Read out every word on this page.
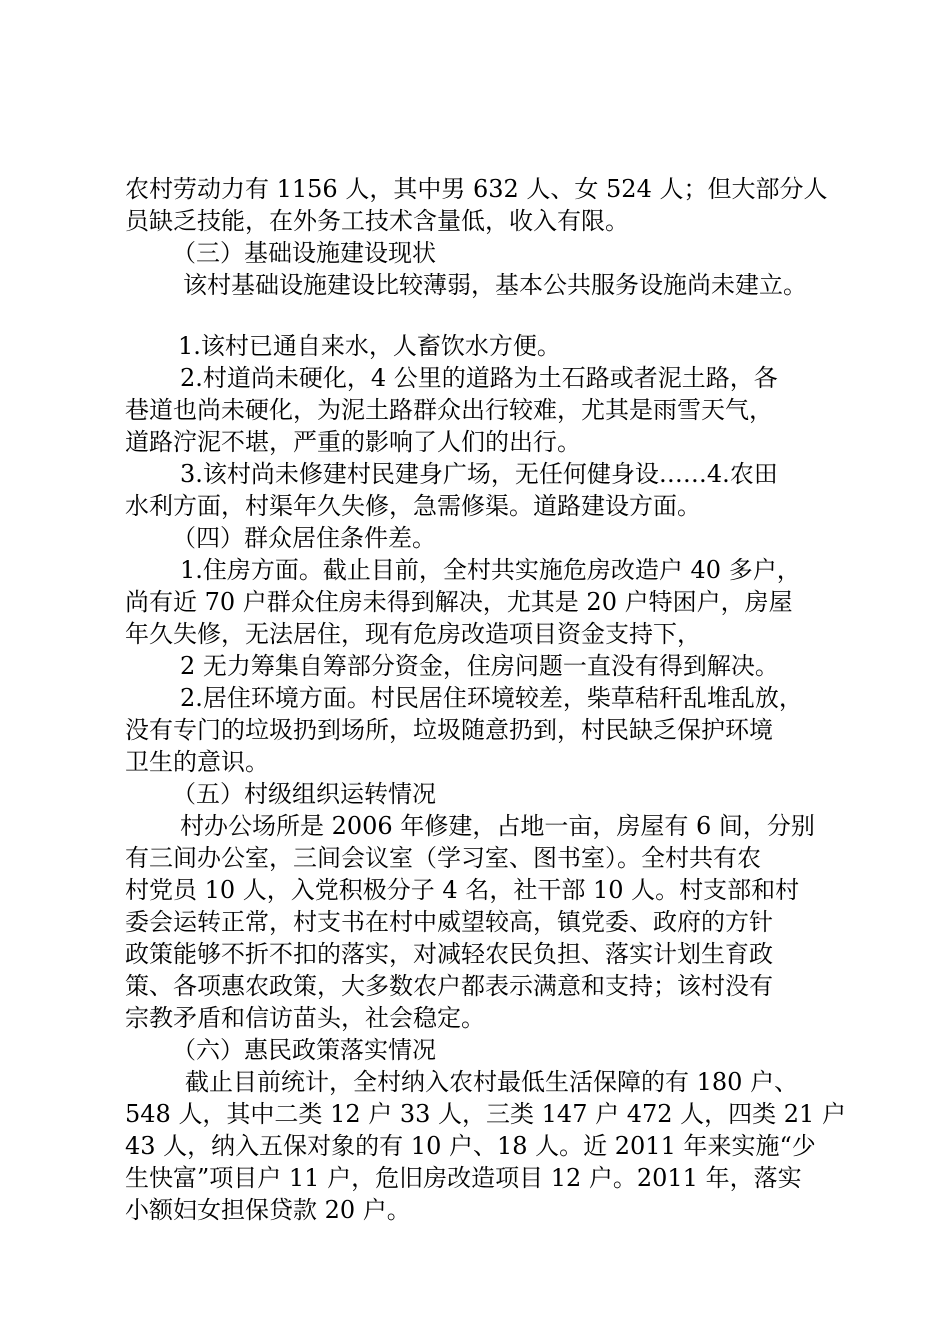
农村劳动力有 1156 人，其中男 632 人、女 524 人；但大部分人
员缺乏技能，在外务工技术含量低，收入有限。
（三）基础设施建设现状
该村基础设施建设比较薄弱，基本公共服务设施尚未建立。
1.该村已通自来水，人畜饮水方便。
2.村道尚未硬化，4 公里的道路为土石路或者泥土路，各
巷道也尚未硬化，为泥土路群众出行较难，尤其是雨雪天气，
道路泞泥不堪，严重的影响了人们的出行。
3.该村尚未修建村民建身广场，无任何健身设……4.农田
水利方面，村渠年久失修，急需修渠。道路建设方面。
（四）群众居住条件差。
1.住房方面。截止目前，全村共实施危房改造户 40 多户，
尚有近 70 户群众住房未得到解决，尤其是 20 户特困户，房屋
年久失修，无法居住，现有危房改造项目资金支持下，
2 无力筹集自筹部分资金，住房问题一直没有得到解决。
2.居住环境方面。村民居住环境较差，柴草秸秆乱堆乱放，
没有专门的垃圾扔到场所，垃圾随意扔到，村民缺乏保护环境
卫生的意识。
（五）村级组织运转情况
村办公场所是 2006 年修建，占地一亩，房屋有 6 间，分别
有三间办公室，三间会议室（学习室、图书室）。全村共有农
村党员 10 人，入党积极分子 4 名，社干部 10 人。村支部和村
委会运转正常，村支书在村中威望较高，镇党委、政府的方针
政策能够不折不扣的落实，对减轻农民负担、落实计划生育政
策、各项惠农政策，大多数农户都表示满意和支持；该村没有
宗教矛盾和信访苗头，社会稳定。
（六）惠民政策落实情况
截止目前统计，全村纳入农村最低生活保障的有 180 户、
548 人，其中二类 12 户 33 人，三类 147 户 472 人，四类 21 户
43 人，纳入五保对象的有 10 户、18 人。近 2011 年来实施“少
生快富”项目户 11 户，危旧房改造项目 12 户。2011 年，落实
小额妇女担保贷款 20 户。
